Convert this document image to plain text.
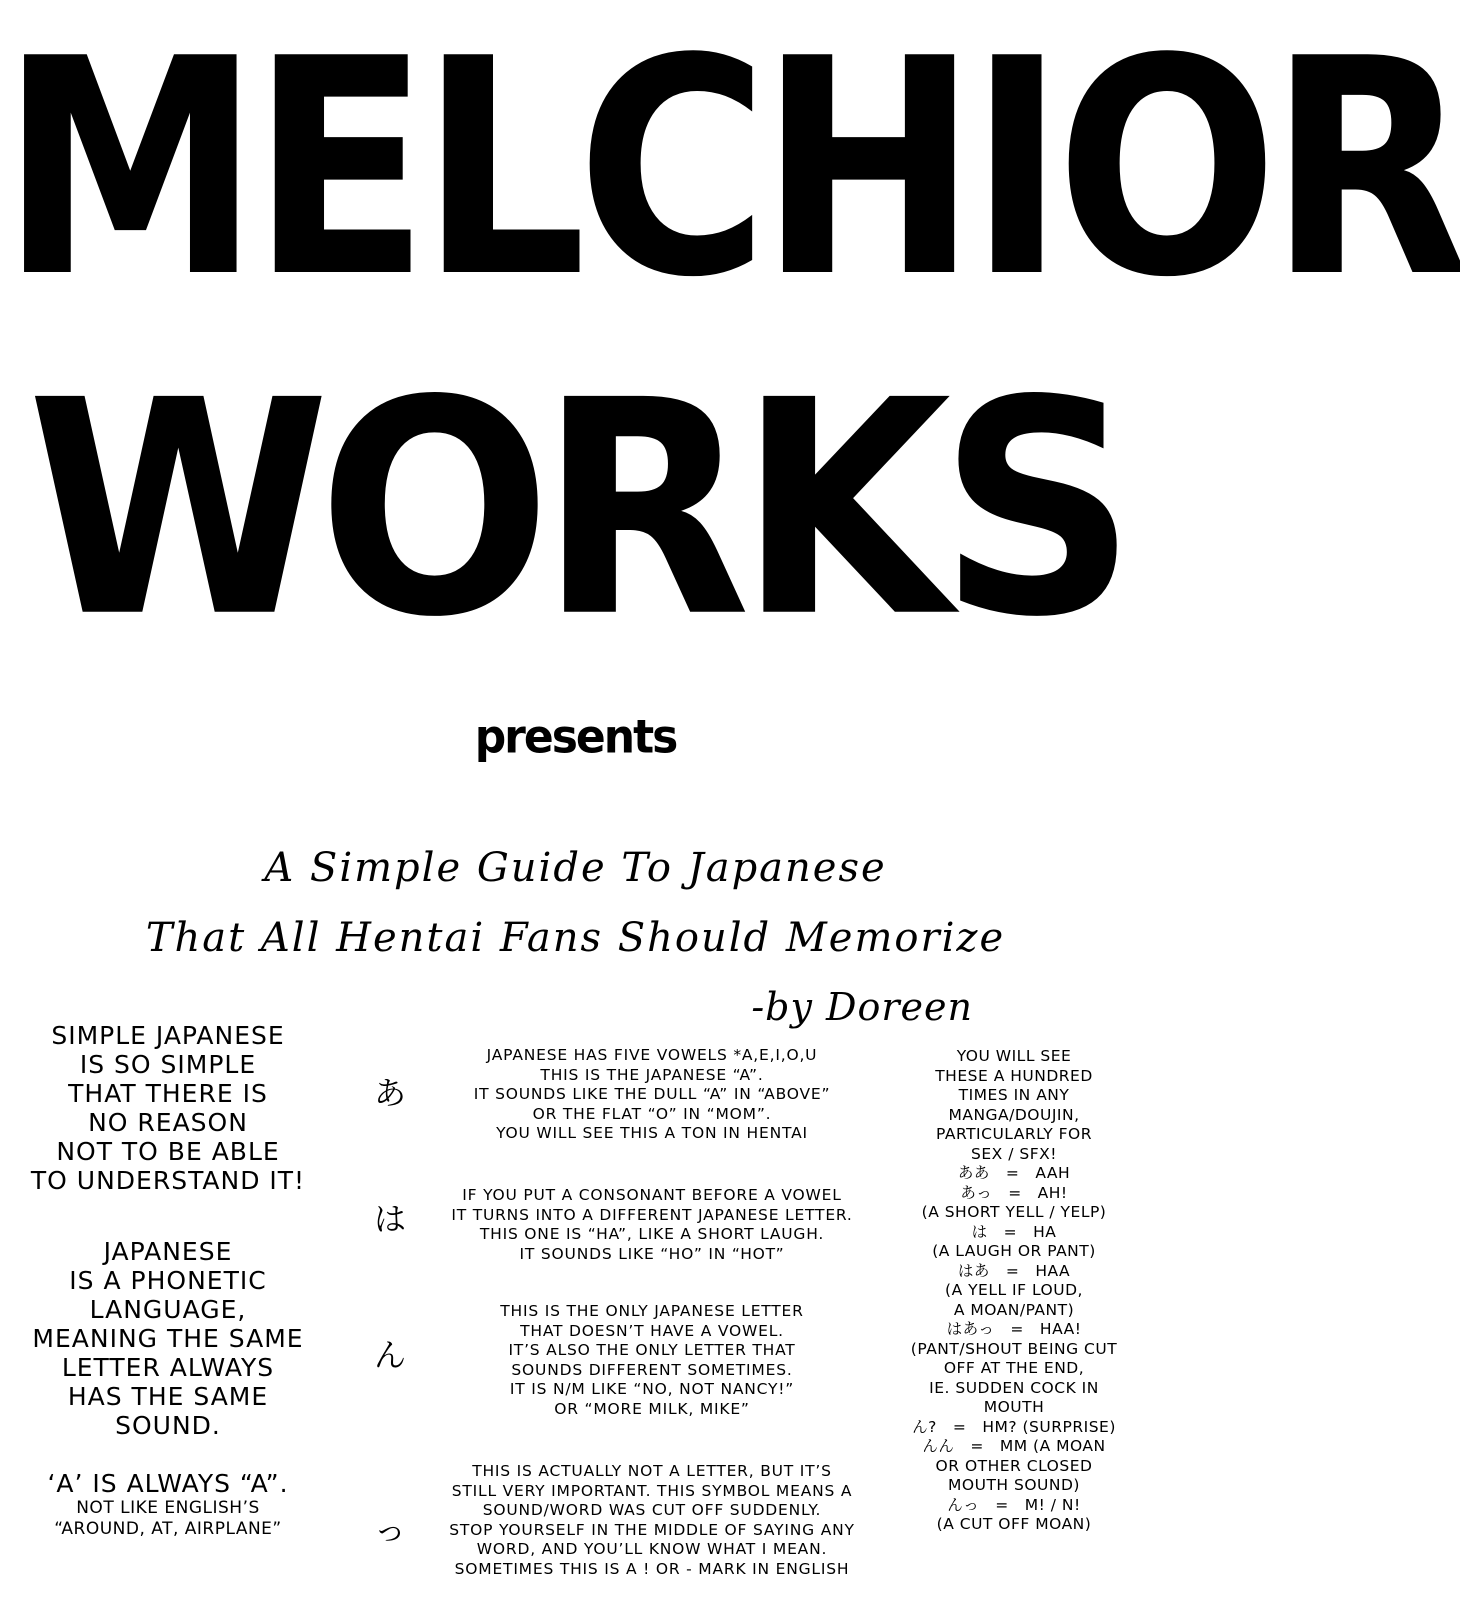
MELCHIOR
WORKS
presents
A Simple Guide To Japanese
That All Hentai Fans Should Memorize
-by Doreen
SIMPLE JAPANESE
IS SO SIMPLE
THAT THERE IS
NO REASON
NOT TO BE ABLE
TO UNDERSTAND IT!
JAPANESE
IS A PHONETIC
LANGUAGE,
MEANING THE SAME
LETTER ALWAYS
HAS THE SAME
SOUND.
‘A’ IS ALWAYS “A”.
NOT LIKE ENGLISH’S
“AROUND, AT, AIRPLANE”
あ
は
ん
っ
JAPANESE HAS FIVE VOWELS *A,E,I,O,U
THIS IS THE JAPANESE “A”.
IT SOUNDS LIKE THE DULL “A” IN “ABOVE”
OR THE FLAT “O” IN “MOM”.
YOU WILL SEE THIS A TON IN HENTAI
IF YOU PUT A CONSONANT BEFORE A VOWEL
IT TURNS INTO A DIFFERENT JAPANESE LETTER.
THIS ONE IS “HA”, LIKE A SHORT LAUGH.
IT SOUNDS LIKE “HO” IN “HOT”
THIS IS THE ONLY JAPANESE LETTER
THAT DOESN’T HAVE A VOWEL.
IT’S ALSO THE ONLY LETTER THAT
SOUNDS DIFFERENT SOMETIMES.
IT IS N/M LIKE “NO, NOT NANCY!”
OR “MORE MILK, MIKE”
THIS IS ACTUALLY NOT A LETTER, BUT IT’S
STILL VERY IMPORTANT. THIS SYMBOL MEANS A
SOUND/WORD WAS CUT OFF SUDDENLY.
STOP YOURSELF IN THE MIDDLE OF SAYING ANY
WORD, AND YOU’LL KNOW WHAT I MEAN.
SOMETIMES THIS IS A ! OR - MARK IN ENGLISH
YOU WILL SEE
THESE A HUNDRED
TIMES IN ANY
MANGA/DOUJIN,
PARTICULARLY FOR
SEX / SFX!
ああ　=　AAH
あっ　=　AH!
(A SHORT YELL / YELP)
は　=　HA
(A LAUGH OR PANT)
はあ　=　HAA
(A YELL IF LOUD,
A MOAN/PANT)
はあっ　=　HAA!
(PANT/SHOUT BEING CUT
OFF AT THE END,
IE. SUDDEN COCK IN
MOUTH
ん?　=　HM? (SURPRISE)
んん　=　MM (A MOAN
OR OTHER CLOSED
MOUTH SOUND)
んっ　=　M! / N!
(A CUT OFF MOAN)
